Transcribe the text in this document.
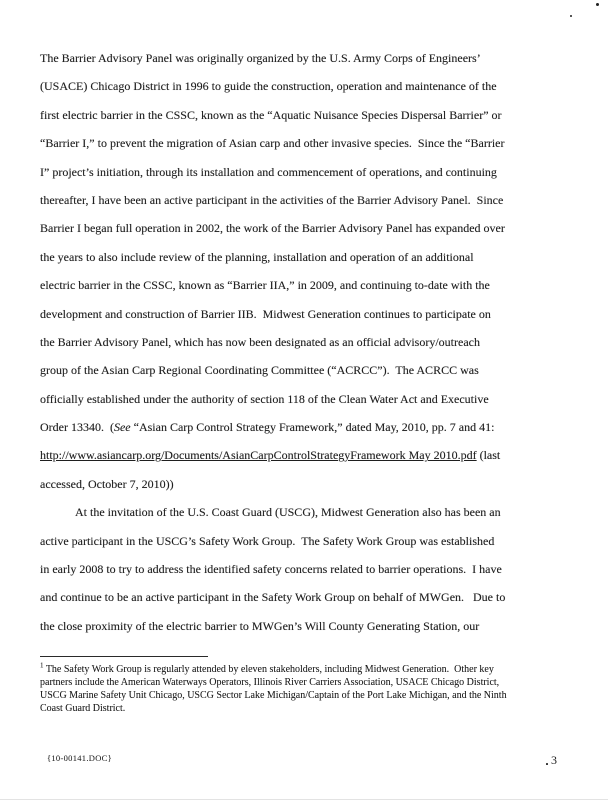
The Barrier Advisory Panel was originally organized by the U.S. Army Corps of Engineers’
(USACE) Chicago District in 1996 to guide the construction, operation and maintenance of the
first electric barrier in the CSSC, known as the “Aquatic Nuisance Species Dispersal Barrier” or
“Barrier I,” to prevent the migration of Asian carp and other invasive species.  Since the “Barrier
I” project’s initiation, through its installation and commencement of operations, and continuing
thereafter, I have been an active participant in the activities of the Barrier Advisory Panel.  Since
Barrier I began full operation in 2002, the work of the Barrier Advisory Panel has expanded over
the years to also include review of the planning, installation and operation of an additional
electric barrier in the CSSC, known as “Barrier IIA,” in 2009, and continuing to-date with the
development and construction of Barrier IIB.  Midwest Generation continues to participate on
the Barrier Advisory Panel, which has now been designated as an official advisory/outreach
group of the Asian Carp Regional Coordinating Committee (“ACRCC”).  The ACRCC was
officially established under the authority of section 118 of the Clean Water Act and Executive
Order 13340.  (See “Asian Carp Control Strategy Framework,” dated May, 2010, pp. 7 and 41:
http://www.asiancarp.org/Documents/AsianCarpControlStrategyFramework May 2010.pdf (last
accessed, October 7, 2010))
At the invitation of the U.S. Coast Guard (USCG), Midwest Generation also has been an
active participant in the USCG’s Safety Work Group.  The Safety Work Group was established
in early 2008 to try to address the identified safety concerns related to barrier operations.  I have
and continue to be an active participant in the Safety Work Group on behalf of MWGen.   Due to
the close proximity of the electric barrier to MWGen’s Will County Generating Station, our
$^1$ The Safety Work Group is regularly attended by eleven stakeholders, including Midwest Generation.  Other key
partners include the American Waterways Operators, Illinois River Carriers Association, USACE Chicago District,
USCG Marine Safety Unit Chicago, USCG Sector Lake Michigan/Captain of the Port Lake Michigan, and the Ninth
Coast Guard District.
{10-00141.DOC}	3
